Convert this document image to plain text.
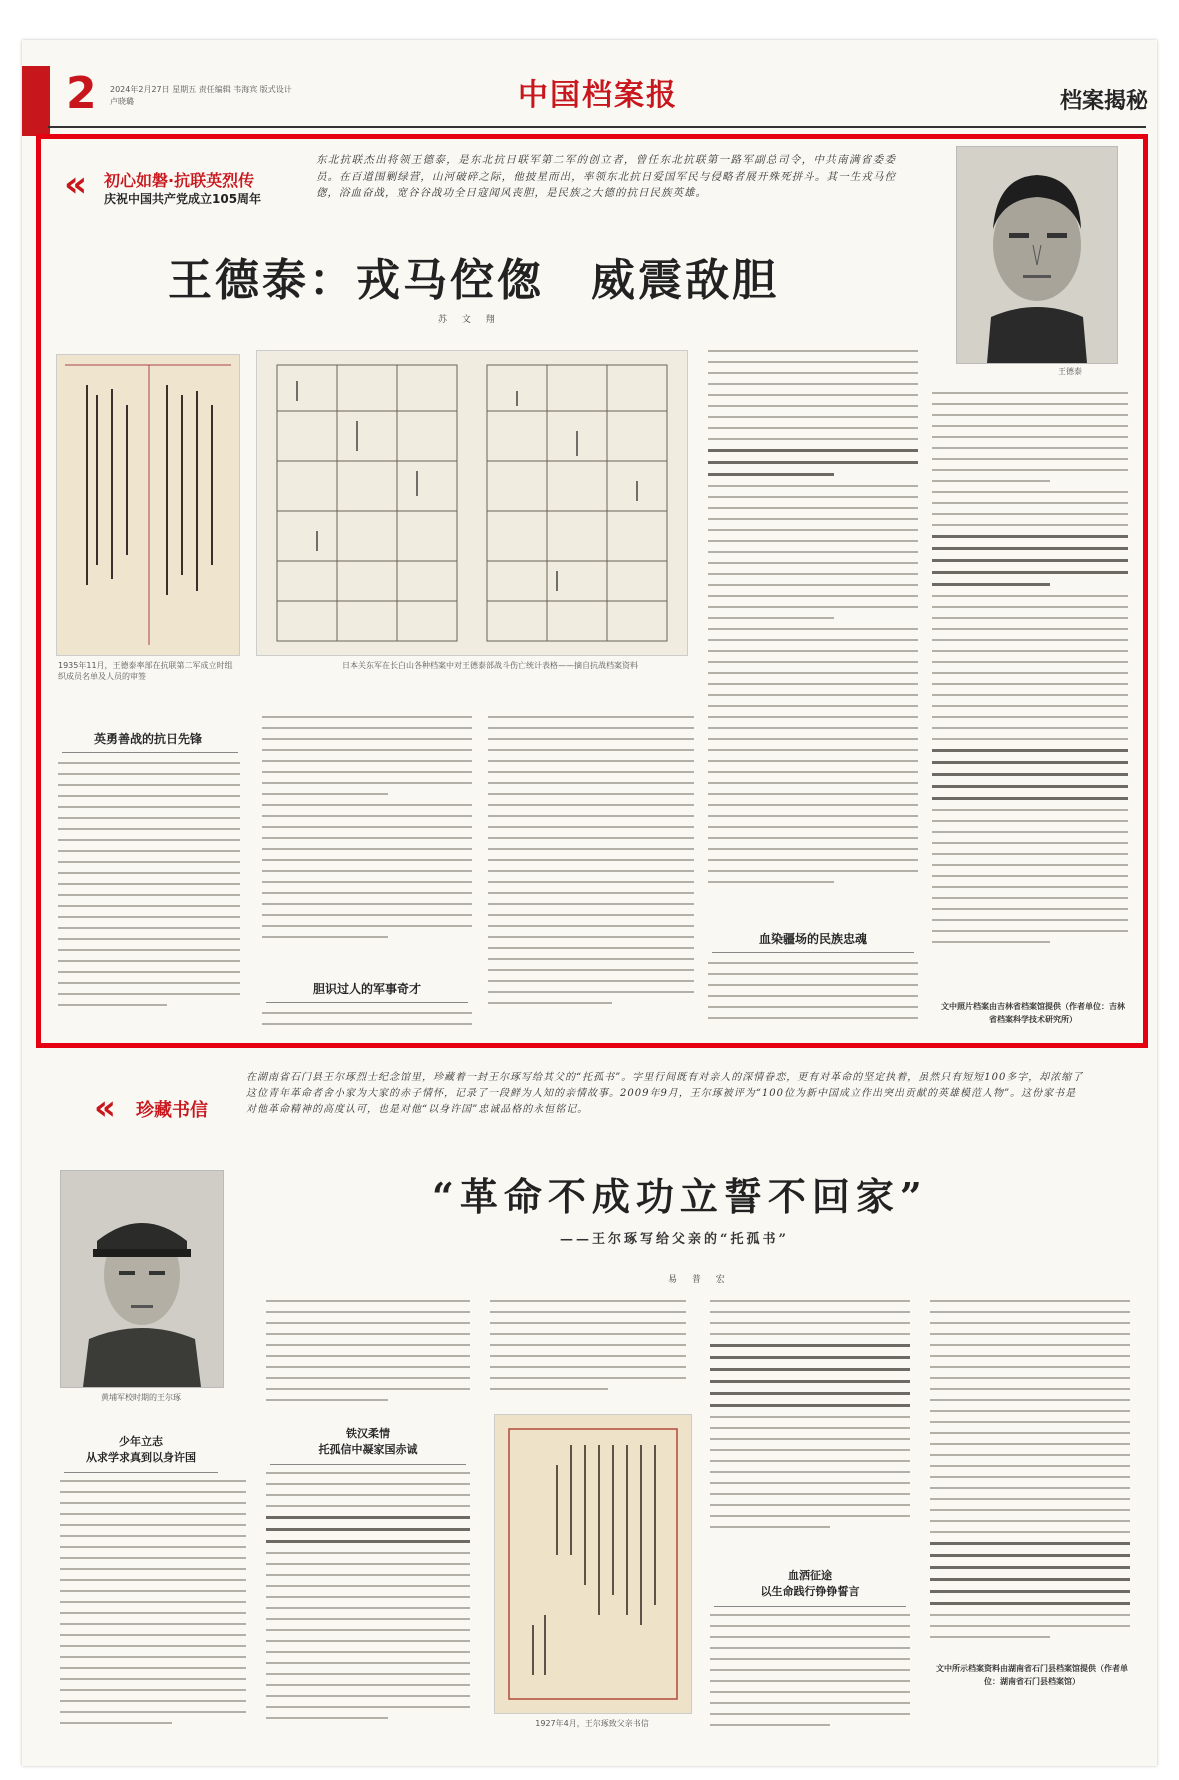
2 2024年2月27日 星期五 责任编辑 韦海宾 版式设计 卢晓璐	中国档案报	档案揭秘
« 初心如磐·抗联英烈传
庆祝中国共产党成立105周年
东北抗联杰出将领王德泰，是东北抗日联军第二军的创立者，曾任东北抗联第一路军副总司令，中共南满省委委员。在百道围剿绿营，山河破碎之际，他披星而出，率领东北抗日爱国军民与侵略者展开殊死拼斗。其一生戎马倥偬，浴血奋战，宽谷谷战功全日寇闻风丧胆，是民族之大德的抗日民族英雄。
王德泰：戎马倥偬　威震敌胆
苏 文 翔
王德泰
1935年11月，王德泰率部在抗联第二军成立时组织成员名单及人员的审签
日本关东军在长白山各种档案中对王德泰部战斗伤亡统计表格——摘自抗战档案资料
血染疆场的民族忠魂
文中照片档案由吉林省档案馆提供（作者单位：吉林省档案科学技术研究所）
英勇善战的抗日先锋
胆识过人的军事奇才
« 珍藏书信
在湖南省石门县王尔琢烈士纪念馆里，珍藏着一封王尔琢写给其父的“托孤书”。字里行间既有对亲人的深情眷恋，更有对革命的坚定执着，虽然只有短短100多字，却浓缩了这位青年革命者舍小家为大家的赤子情怀，记录了一段鲜为人知的亲情故事。2009年9月，王尔琢被评为“100位为新中国成立作出突出贡献的英雄模范人物”。这份家书是对他革命精神的高度认可，也是对他“以身许国”忠诚品格的永恒铭记。
黄埔军校时期的王尔琢
“革命不成功立誓不回家”
——王尔琢写给父亲的“托孤书”
易 普 宏
少年立志
从求学求真到以身许国
铁汉柔情
托孤信中凝家国赤诚
1927年4月，王尔琢致父亲书信
血洒征途
以生命践行铮铮誓言
文中所示档案资料由湖南省石门县档案馆提供（作者单位：湖南省石门县档案馆）
